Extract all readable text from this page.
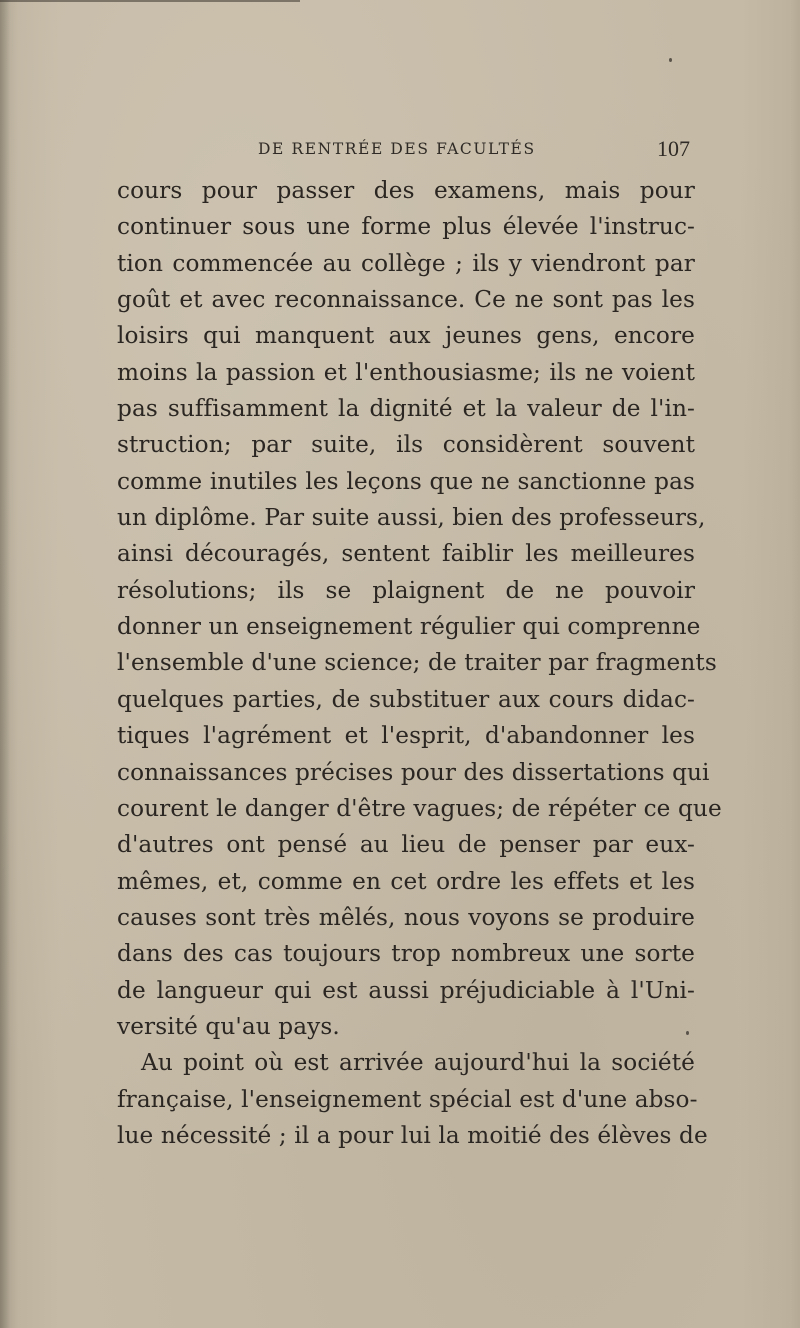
DE RENTRÉE DES FACULTÉS	107
cours pour passer des examens, mais pour
continuer sous une forme plus élevée l'instruc-
tion commencée au collège ; ils y viendront par
goût et avec reconnaissance. Ce ne sont pas les
loisirs qui manquent aux jeunes gens, encore
moins la passion et l'enthousiasme; ils ne voient
pas suffisamment la dignité et la valeur de l'in-
struction; par suite, ils considèrent souvent
comme inutiles les leçons que ne sanctionne pas
un diplôme. Par suite aussi, bien des professeurs,
ainsi découragés, sentent faiblir les meilleures
résolutions; ils se plaignent de ne pouvoir
donner un enseignement régulier qui comprenne
l'ensemble d'une science; de traiter par fragments
quelques parties, de substituer aux cours didac-
tiques l'agrément et l'esprit, d'abandonner les
connaissances précises pour des dissertations qui
courent le danger d'être vagues; de répéter ce que
d'autres ont pensé au lieu de penser par eux-
mêmes, et, comme en cet ordre les effets et les
causes sont très mêlés, nous voyons se produire
dans des cas toujours trop nombreux une sorte
de langueur qui est aussi préjudiciable à l'Uni-
versité qu'au pays.
Au point où est arrivée aujourd'hui la société
française, l'enseignement spécial est d'une abso-
lue nécessité ; il a pour lui la moitié des élèves de
